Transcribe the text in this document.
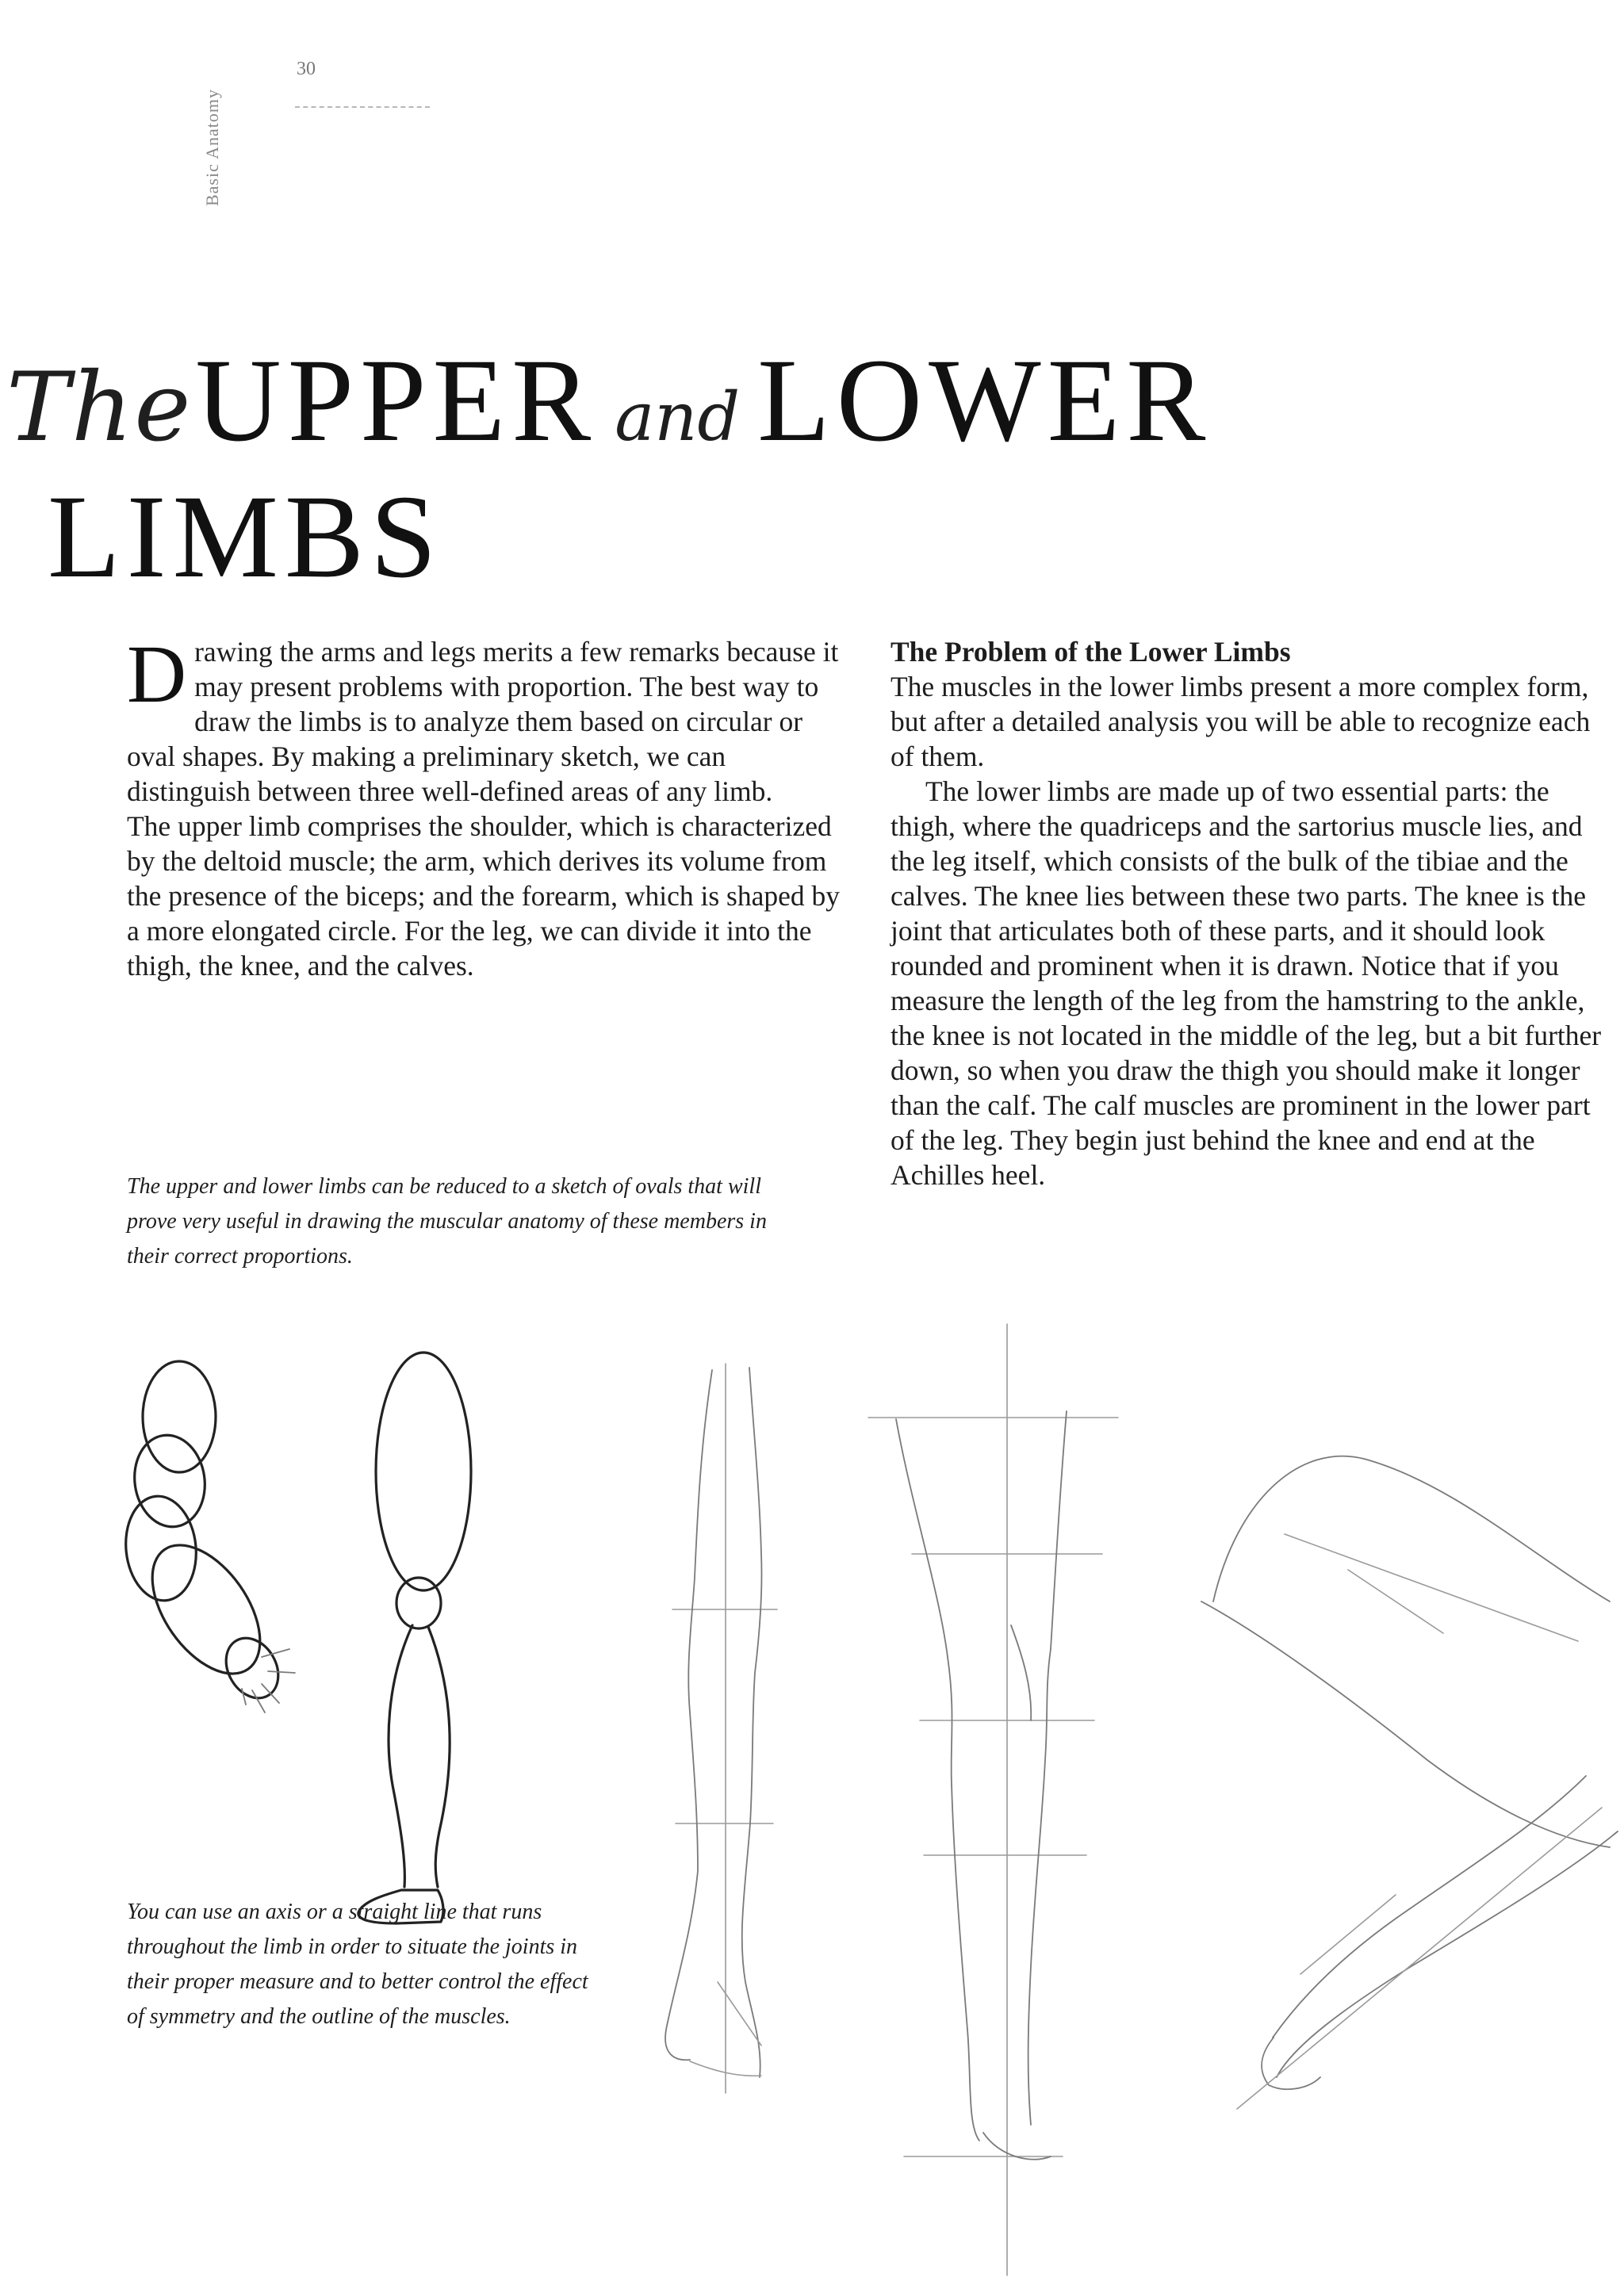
Basic Anatomy
30
The UPPER and LOWER
LIMBS

Drawing the arms and legs merits a few remarks because it may present problems with proportion. The best way to draw the limbs is to analyze them based on circular or oval shapes. By making a preliminary sketch, we can distinguish between three well-defined areas of any limb.

The upper limb comprises the shoulder, which is characterized by the deltoid muscle; the arm, which derives its volume from the presence of the biceps; and the forearm, which is shaped by a more elongated circle. For the leg, we can divide it into the thigh, the knee, and the calves.

The Problem of the Lower Limbs

The muscles in the lower limbs present a more complex form, but after a detailed analysis you will be able to recognize each of them.

The lower limbs are made up of two essential parts: the thigh, where the quadriceps and the sartorius muscle lies, and the leg itself, which consists of the bulk of the tibiae and the calves. The knee lies between these two parts. The knee is the joint that articulates both of these parts, and it should look rounded and prominent when it is drawn. Notice that if you measure the length of the leg from the hamstring to the ankle, the knee is not located in the middle of the leg, but a bit further down, so when you draw the thigh you should make it longer than the calf. The calf muscles are prominent in the lower part of the leg. They begin just behind the knee and end at the Achilles heel.

The upper and lower limbs can be reduced to a sketch of ovals that will prove very useful in drawing the muscular anatomy of these members in their correct proportions.
You can use an axis or a straight line that runs throughout the limb in order to situate the joints in their proper measure and to better control the effect of symmetry and the outline of the muscles.
